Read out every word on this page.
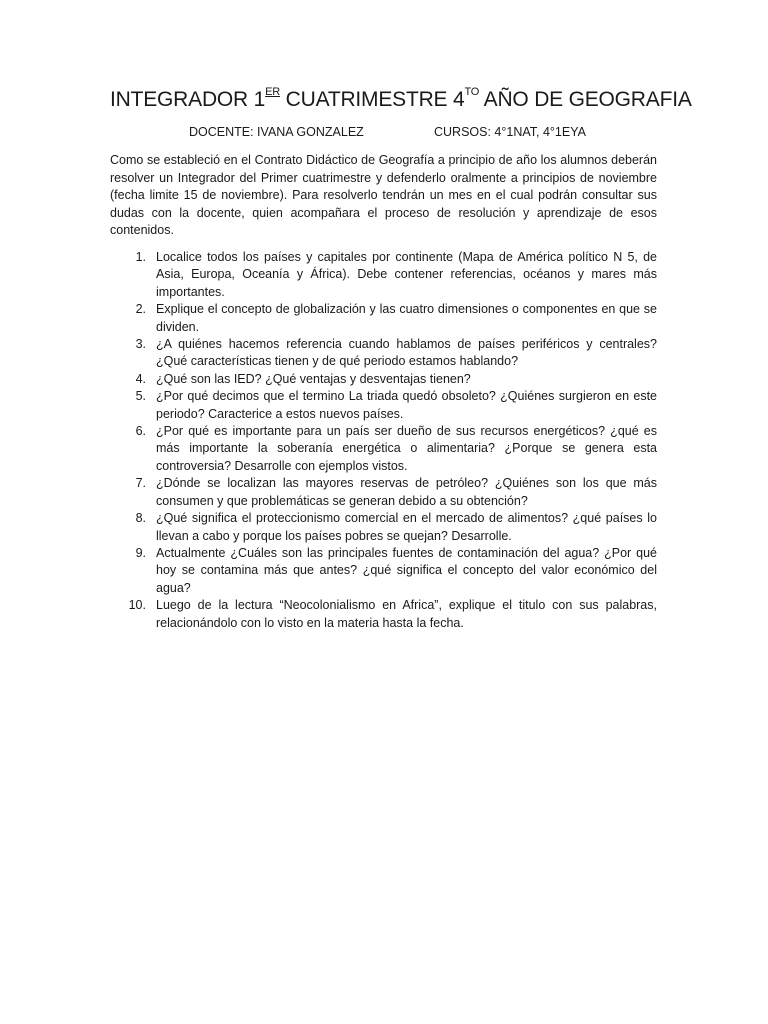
INTEGRADOR 1ER CUATRIMESTRE $4^{TO}$ AÑO DE GEOGRAFIA
DOCENTE: IVANA GONZALEZ	CURSOS: 4°1NAT, 4°1EYA

Como se estableció en el Contrato Didáctico de Geografía a principio de año los alumnos deberán resolver un Integrador del Primer cuatrimestre y defenderlo oralmente a principios de noviembre (fecha limite 15 de noviembre). Para resolverlo tendrán un mes en el cual podrán consultar sus dudas con la docente, quien acompañara el proceso de resolución y aprendizaje de esos contenidos.

1. Localice todos los países y capitales por continente (Mapa de América político N 5, de Asia, Europa, Oceanía y África). Debe contener referencias, océanos y mares más importantes.
2. Explique el concepto de globalización y las cuatro dimensiones o componentes en que se dividen.
3. ¿A quiénes hacemos referencia cuando hablamos de países periféricos y centrales? ¿Qué características tienen y de qué periodo estamos hablando?
4. ¿Qué son las IED? ¿Qué ventajas y desventajas tienen?
5. ¿Por qué decimos que el termino La triada quedó obsoleto? ¿Quiénes surgieron en este periodo? Caracterice a estos nuevos países.
6. ¿Por qué es importante para un país ser dueño de sus recursos energéticos? ¿qué es más importante la soberanía energética o alimentaria? ¿Porque se genera esta controversia? Desarrolle con ejemplos vistos.
7. ¿Dónde se localizan las mayores reservas de petróleo? ¿Quiénes son los que más consumen y que problemáticas se generan debido a su obtención?
8. ¿Qué significa el proteccionismo comercial en el mercado de alimentos? ¿qué países lo llevan a cabo y porque los países pobres se quejan? Desarrolle.
9. Actualmente ¿Cuáles son las principales fuentes de contaminación del agua? ¿Por qué hoy se contamina más que antes? ¿qué significa el concepto del valor económico del agua?
10. Luego de la lectura “Neocolonialismo en Africa”, explique el titulo con sus palabras, relacionándolo con lo visto en la materia hasta la fecha.
